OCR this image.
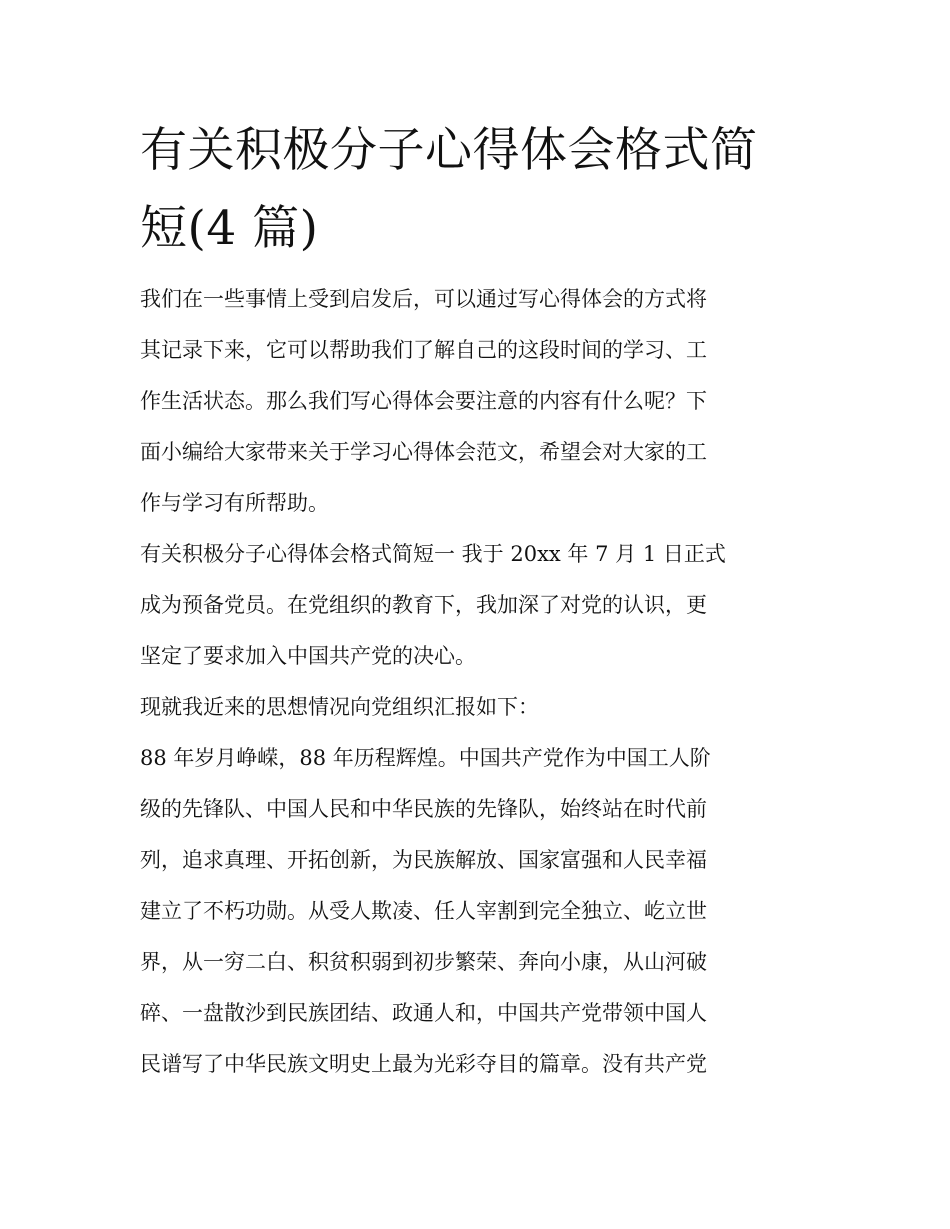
有关积极分子心得体会格式简
短(4 篇)
我们在一些事情上受到启发后，可以通过写心得体会的方式将
其记录下来，它可以帮助我们了解自己的这段时间的学习、工
作生活状态。那么我们写心得体会要注意的内容有什么呢？下
面小编给大家带来关于学习心得体会范文，希望会对大家的工
作与学习有所帮助。
有关积极分子心得体会格式简短一 我于 20xx 年 7 月 1 日正式
成为预备党员。在党组织的教育下，我加深了对党的认识，更
坚定了要求加入中国共产党的决心。
现就我近来的思想情况向党组织汇报如下：
88 年岁月峥嵘，88 年历程辉煌。中国共产党作为中国工人阶
级的先锋队、中国人民和中华民族的先锋队，始终站在时代前
列，追求真理、开拓创新，为民族解放、国家富强和人民幸福
建立了不朽功勋。从受人欺凌、任人宰割到完全独立、屹立世
界，从一穷二白、积贫积弱到初步繁荣、奔向小康，从山河破
碎、一盘散沙到民族团结、政通人和，中国共产党带领中国人
民谱写了中华民族文明史上最为光彩夺目的篇章。没有共产党
